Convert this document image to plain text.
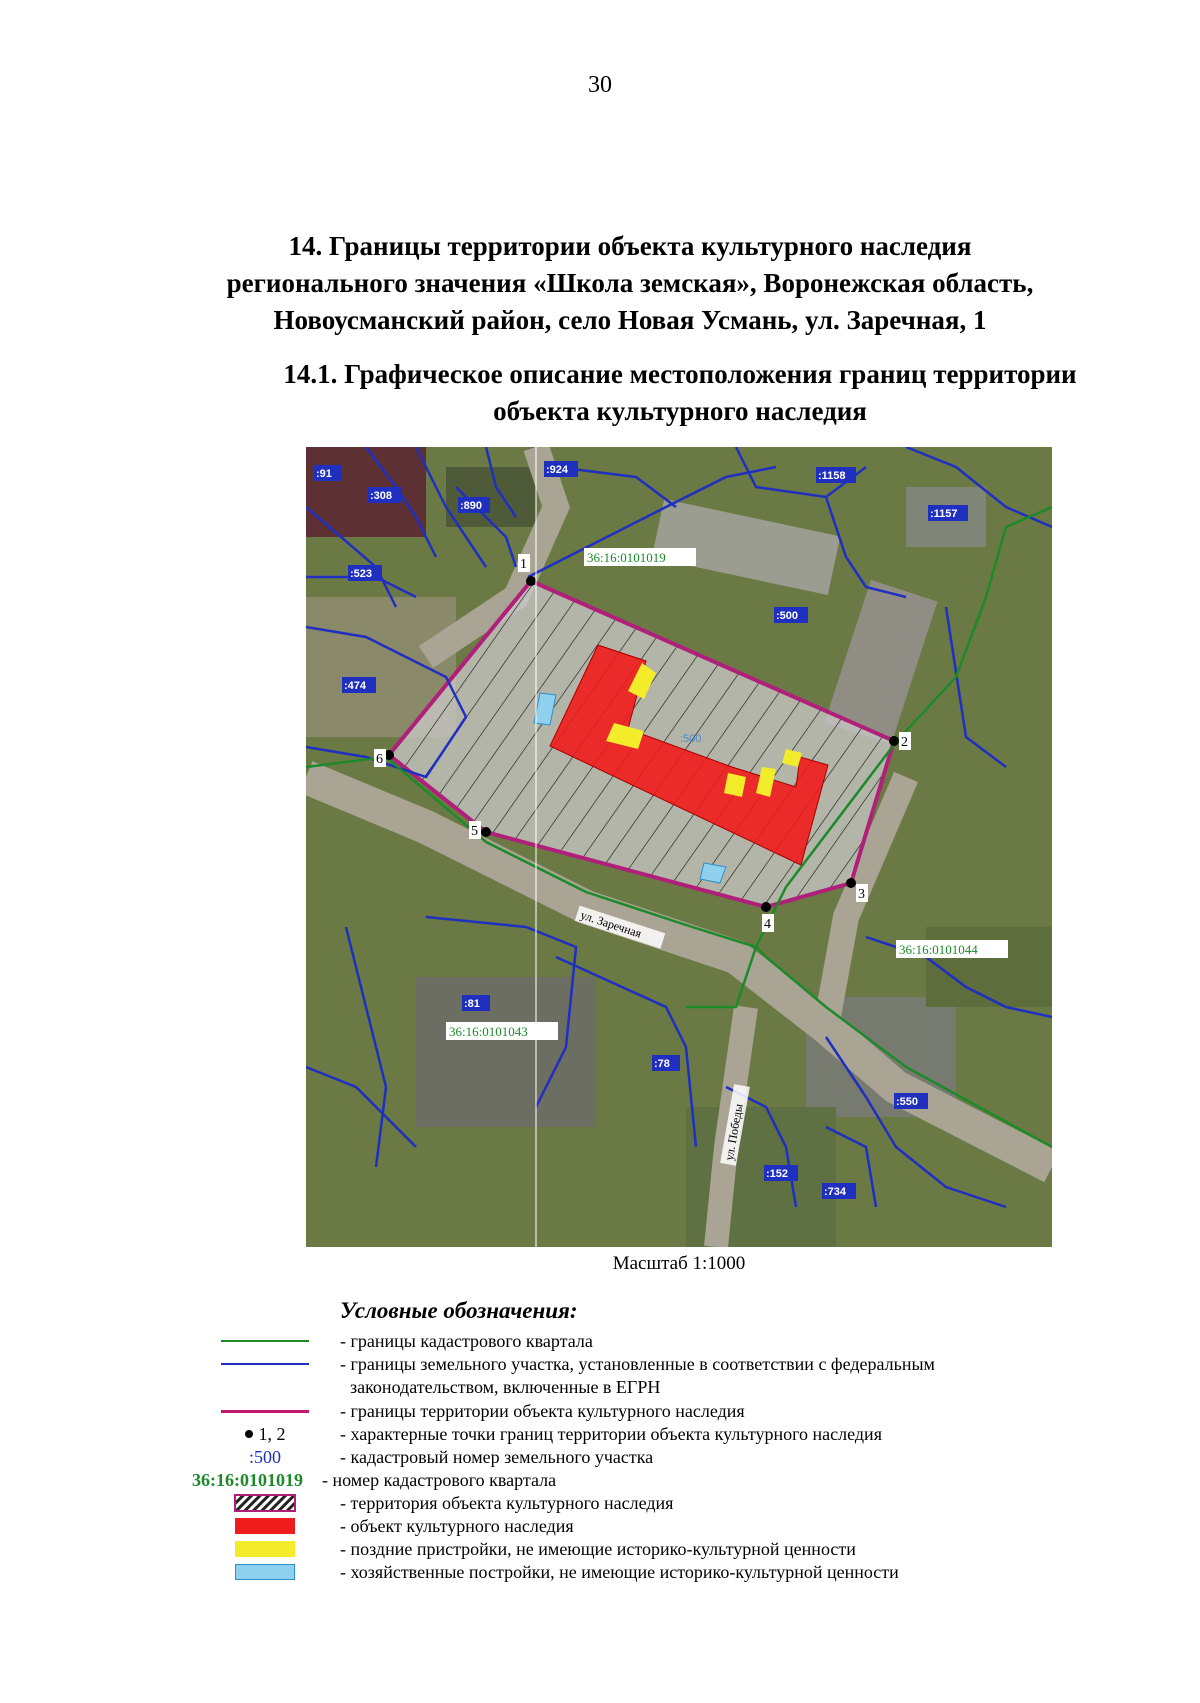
30

14. Границы территории объекта культурного наследия

регионального значения «Школа земская», Воронежская область,

Новоусманский район, село Новая Усмань, ул. Заречная, 1

14.1. Графическое описание местоположения границ территории

объекта культурного наследия

1
2
3
4
5
6
:91
:308
:890
:924	:1158
:1157
:523
:500
:474
:81
:78
:550
:152
:734
:500
36:16:0101019
36:16:0101044
36:16:0101043
ул. Заречная
ул. Победы
Масштаб 1:1000
Условные обозначения:
- границы кадастрового квартала
- границы земельного участка, установленные в соответствии с федеральным
законодательством, включенные в ЕГРН
- границы территории объекта культурного наследия
1, 2	- характерные точки границ территории объекта культурного наследия
:500	- кадастровый номер земельного участка
36:16:0101019 - номер кадастрового квартала
- территория объекта культурного наследия
- объект культурного наследия
- поздние пристройки, не имеющие историко-культурной ценности
- хозяйственные постройки, не имеющие историко-культурной ценности
